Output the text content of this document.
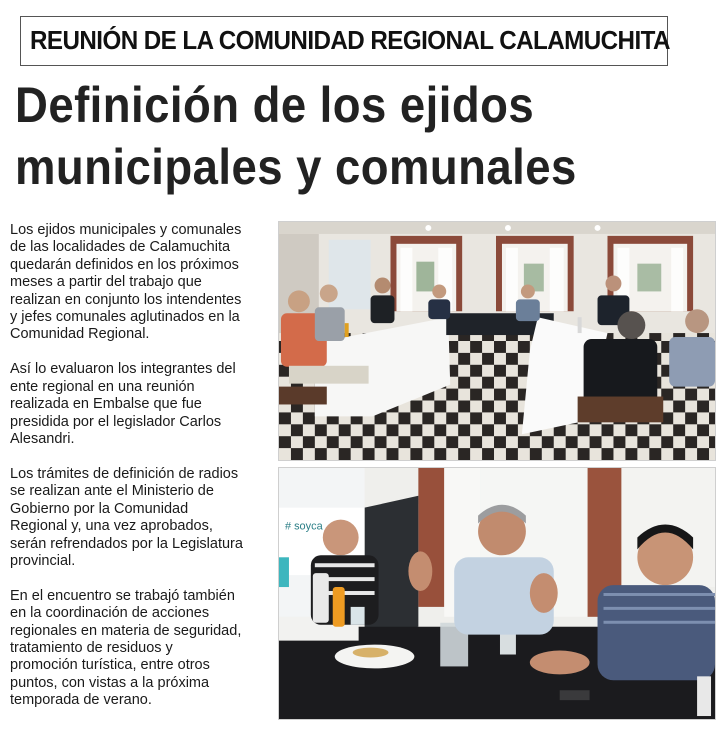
REUNIÓN DE LA COMUNIDAD REGIONAL CALAMUCHITA
Definición de los ejidos
municipales y comunales

Los ejidos municipales y comunales
de las localidades de Calamuchita
quedarán definidos en los próximos
meses a partir del trabajo que
realizan en conjunto los intendentes
y jefes comunales aglutinados en la
Comunidad Regional.

Así lo evaluaron los integrantes del
ente regional en una reunión
realizada en Embalse que fue
presidida por el legislador Carlos
Alesandri.

Los trámites de definición de radios
se realizan ante el Ministerio de
Gobierno por la Comunidad
Regional y, una vez aprobados,
serán refrendados por la Legislatura
provincial.

En el encuentro se trabajó también
en la coordinación de acciones
regionales en materia de seguridad,
tratamiento de residuos y
promoción turística, entre otros
puntos, con vistas a la próxima
temporada de verano.

# soyca
